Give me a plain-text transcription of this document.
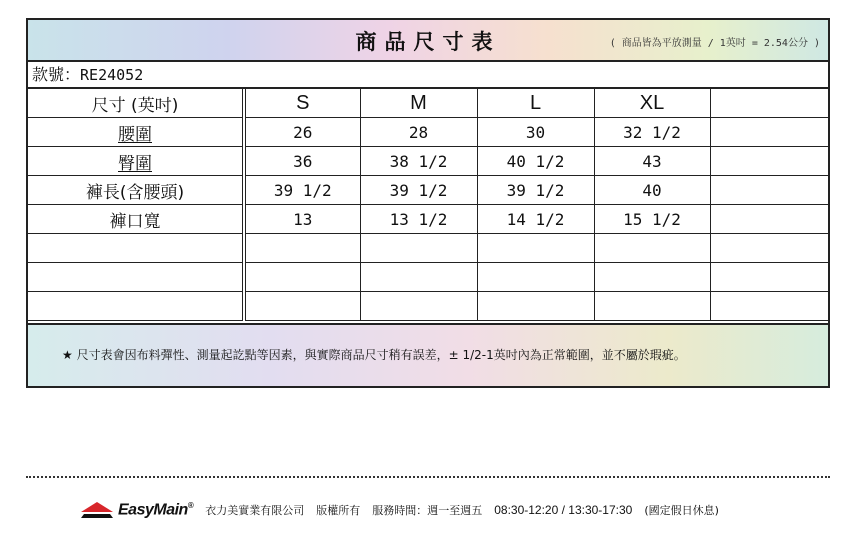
商品尺寸表	( 商品皆為平放測量 / 1英吋 = 2.54公分 )
款號：RE24052
尺寸 (英吋)	S	M	L	XL	
腰圍	26	28	30	32 1/2	
臀圍	36	38 1/2	40 1/2	43	
褲長(含腰頭)	39 1/2	39 1/2	39 1/2	40	
褲口寬	13	13 1/2	14 1/2	15 1/2	

★ 尺寸表會因布料彈性、測量起訖點等因素，與實際商品尺寸稍有誤差，± 1/2-1英吋內為正常範圍，並不屬於瑕疵。
EasyMain® 衣力美實業有限公司 版權所有 服務時間：週一至週五 08:30-12:20 / 13:30-17:30 (國定假日休息)
